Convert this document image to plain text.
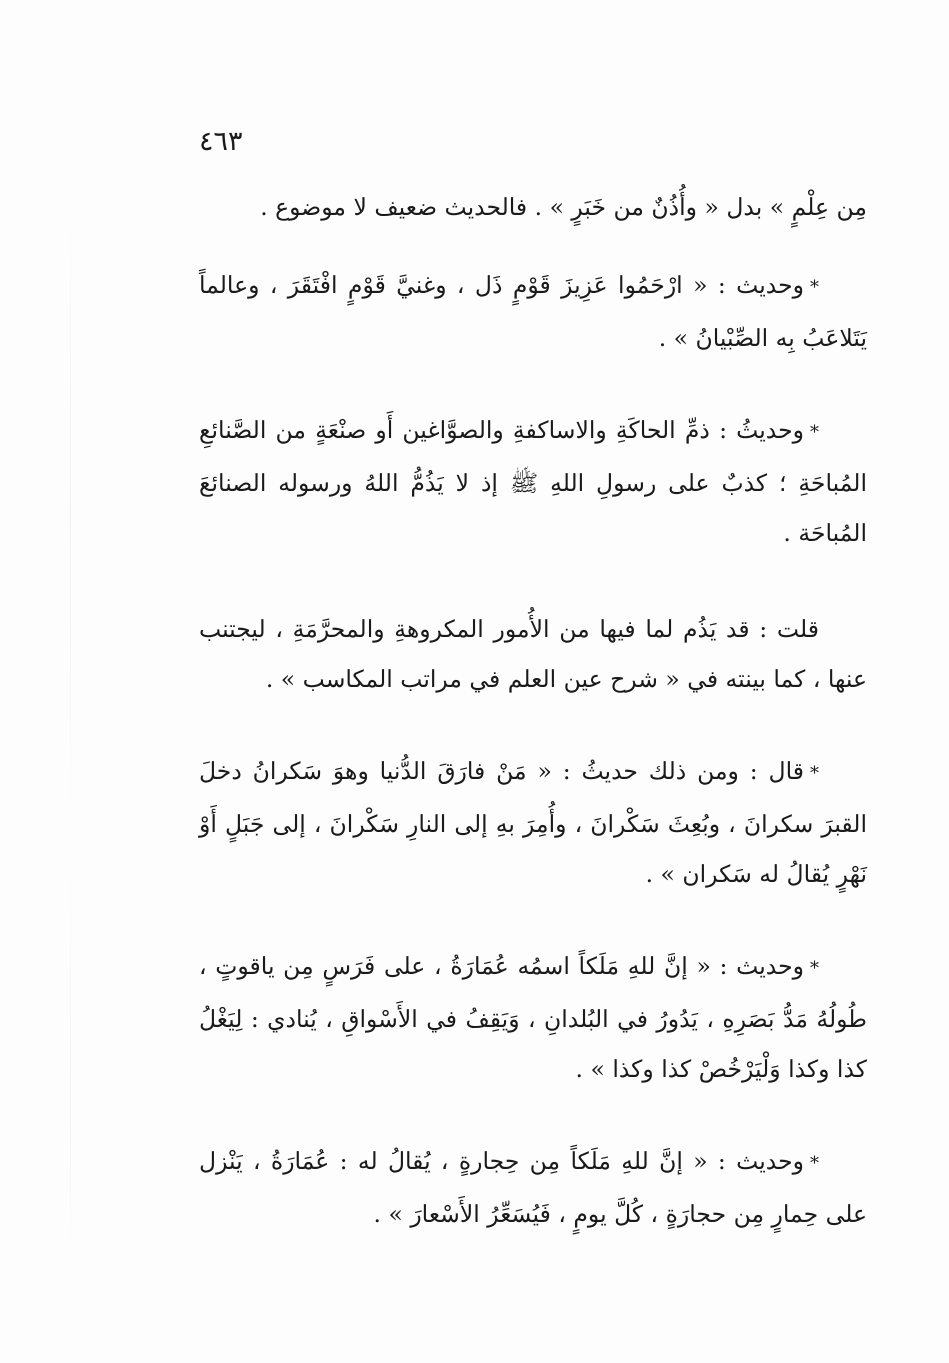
٤٦٣

مِن عِلْمٍ » بدل « وأُذُنٌ من خَبَرٍ » . فالحديث ضعيف لا موضوع .

*وحديث : « ارْحَمُوا عَزِيزَ قَوْمٍ ذَل ، وغنيَّ قَوْمٍ افْتَقَرَ ، وعالماً يَتَلاعَبُ بِه الصِّبْيانُ » .

*وحديثُ : ذمِّ الحاكَةِ والاساكفةِ والصوَّاغين أَو صنْعَةٍ من الصَّنائعِ المُباحَةِ ؛ كذبٌ على رسولِ اللهِ ﷺ إذ لا يَذُمُّ اللهُ ورسوله الصنائعَ المُباحَة .

قلت : قد يَذُم لما فيها من الأُمور المكروهةِ والمحرَّمَةِ ، ليجتنب عنها ، كما بينته في « شرح عين العلم في مراتب المكاسب » .

*قال : ومن ذلك حديثُ : « مَنْ فارَقَ الدُّنيا وهوَ سَكرانُ دخلَ القبرَ سكرانَ ، وبُعِثَ سَكْرانَ ، وأُمِرَ بهِ إلى النارِ سَكْرانَ ، إلى جَبَلٍ أَوْ نَهْرٍ يُقالُ له سَكران » .

*وحديث : « إنَّ للهِ مَلَكاً اسمُه عُمَارَةُ ، على فَرَسٍ مِن ياقوتٍ ، طُولُهُ مَدُّ بَصَرِهِ ، يَدُورُ في البُلدانِ ، وَيَقِفُ في الأَسْواقِ ، يُنادي : لِيَغْلُ كذا وكذا وَلْيَرْخُصْ كذا وكذا » .

*وحديث : « إنَّ للهِ مَلَكاً مِن حِجارةٍ ، يُقالُ له : عُمَارَةُ ، يَنْزل على حِمارٍ مِن حجارَةٍ ، كُلَّ يومٍ ، فَيُسَعِّرُ الأَسْعارَ » .
